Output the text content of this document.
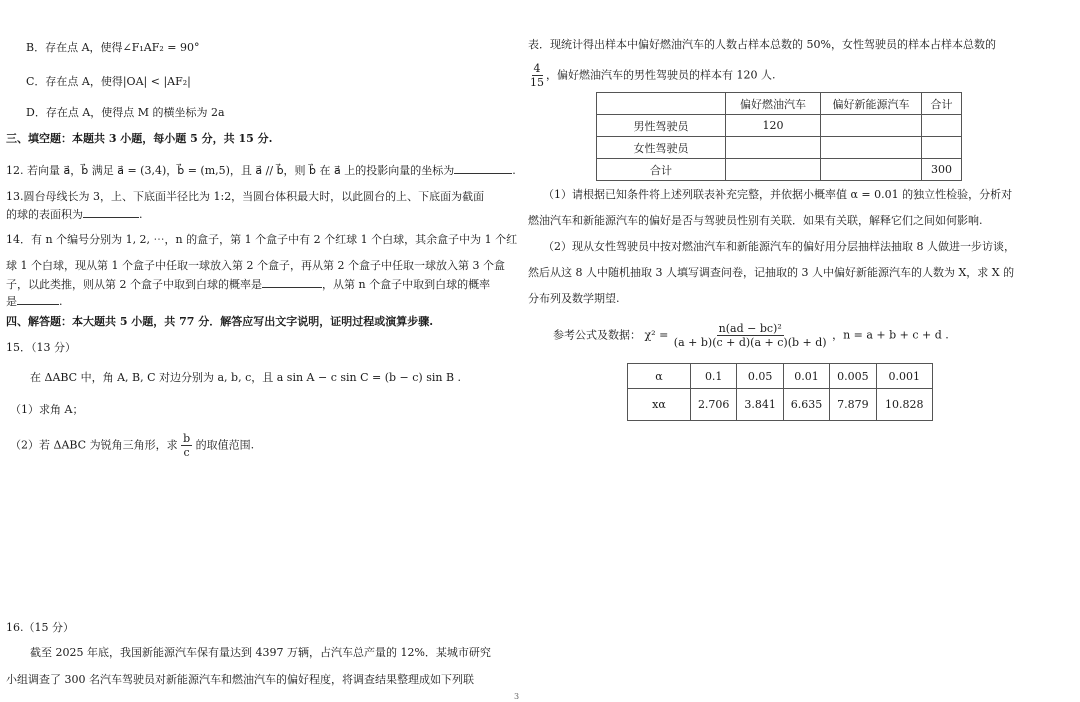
B．存在点 A，使得∠F₁AF₂ = 90°
C．存在点 A，使得|OA| < |AF₂|
D．存在点 A，使得点 M 的横坐标为 2a
三、填空题：本题共 3 小题，每小题 5 分，共 15 分.
12. 若向量 a⃗，b⃗ 满足 a⃗ = (3,4)，b⃗ = (m,5)，且 a⃗ // b⃗，则 b⃗ 在 a⃗ 上的投影向量的坐标为	.
13.圆台母线长为 3，上、下底面半径比为 1:2，当圆台体积最大时，以此圆台的上、下底面为截面
的球的表面积为	.
14．有 n 个编号分别为 1, 2, ⋯，n 的盒子，第 1 个盒子中有 2 个红球 1 个白球，其余盒子中为 1 个红
球 1 个白球，现从第 1 个盒子中任取一球放入第 2 个盒子，再从第 2 个盒子中任取一球放入第 3 个盒
子，以此类推，则从第 2 个盒子中取到白球的概率是	，从第 n 个盒子中取到白球的概率
是	.
四、解答题：本大题共 5 小题，共 77 分．解答应写出文字说明，证明过程或演算步骤.
15．（13 分）
在 ΔABC 中，角 A, B, C 对边分别为 a, b, c，且 a sin A − c sin C = (b − c) sin B .
（1）求角 A；
（2）若 ΔABC 为锐角三角形，求 $\frac{b}{c}$ 的取值范围.
16.（15 分）
截至 2025 年底，我国新能源汽车保有量达到 4397 万辆，占汽车总产量的 12%．某城市研究
小组调查了 300 名汽车驾驶员对新能源汽车和燃油汽车的偏好程度，将调查结果整理成如下列联
表．现统计得出样本中偏好燃油汽车的人数占样本总数的 50%，女性驾驶员的样本占样本总数的
$\frac{4}{15}$ ，偏好燃油汽车的男性驾驶员的样本有 120 人.
	偏好燃油汽车	偏好新能源汽车	合计
男性驾驶员	120		
女性驾驶员			
合计			300
（1）请根据已知条件将上述列联表补充完整，并依据小概率值 α = 0.01 的独立性检验，分析对
燃油汽车和新能源汽车的偏好是否与驾驶员性别有关联．如果有关联，解释它们之间如何影响.
（2）现从女性驾驶员中按对燃油汽车和新能源汽车的偏好用分层抽样法抽取 8 人做进一步访谈，
然后从这 8 人中随机抽取 3 人填写调查问卷，记抽取的 3 人中偏好新能源汽车的人数为 X，求 X 的
分布列及数学期望.
参考公式及数据： $\chi^2 = \frac{\text{n(ad − bc)²}}{(a + b)(c + d)(a + c)(b + d)}$ ，n = a + b + c + d .
α	0.1	0.05	0.01	0.005	0.001
xα	2.706	3.841	6.635	7.879	10.828
3
